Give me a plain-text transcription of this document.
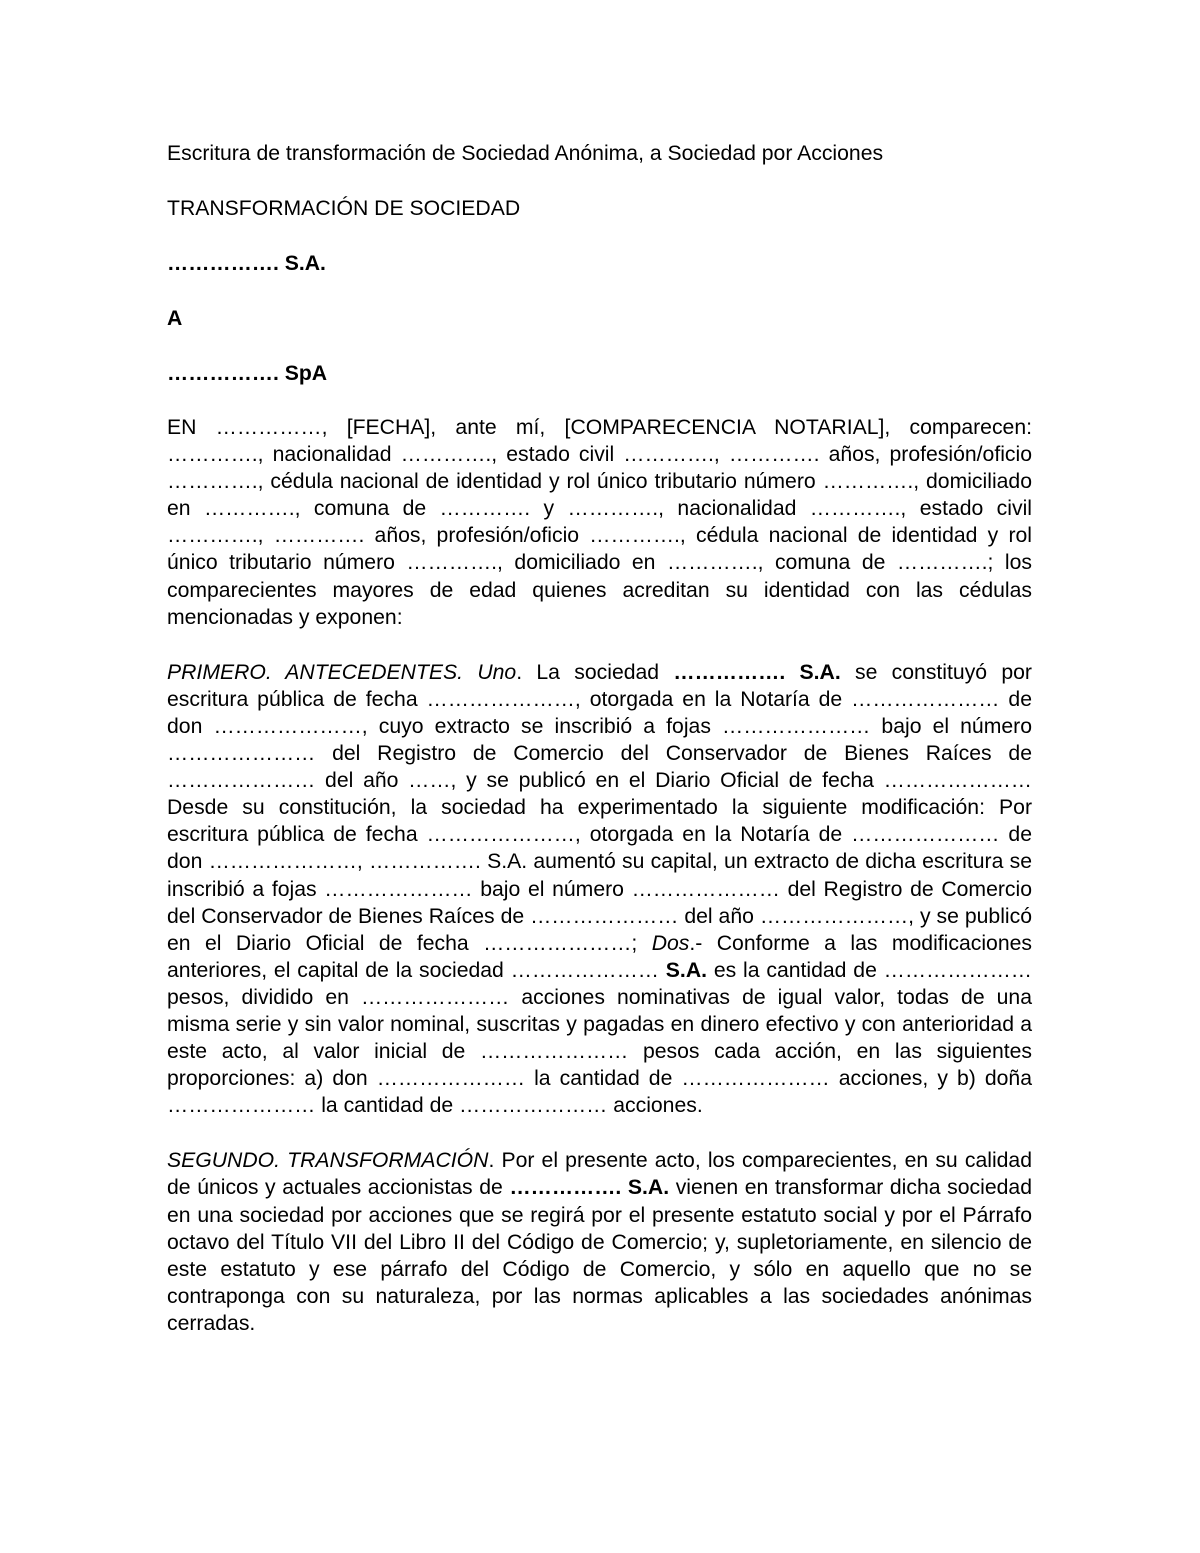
Escritura de transformación de Sociedad Anónima, a Sociedad por Acciones

TRANSFORMACIÓN DE SOCIEDAD

……………. S.A.

A

……………. SpA

EN ……………, [FECHA], ante mí, [COMPARECENCIA NOTARIAL], comparecen: …………., nacionalidad …………., estado civil …………., …………. años, profesión/oficio …………., cédula nacional de identidad y rol único tributario número …………., domiciliado en …………., comuna de …………. y …………., nacionalidad …………., estado civil …………., …………. años, profesión/oficio …………., cédula nacional de identidad y rol único tributario número …………., domiciliado en …………., comuna de ………….; los comparecientes mayores de edad quienes acreditan su identidad con las cédulas mencionadas y exponen:

PRIMERO. ANTECEDENTES. Uno. La sociedad ……………. S.A. se constituyó por escritura pública de fecha …………………, otorgada en la Notaría de ………………… de don …………………, cuyo extracto se inscribió a fojas ………………… bajo el número ………………… del Registro de Comercio del Conservador de Bienes Raíces de ………………… del año ……, y se publicó en el Diario Oficial de fecha ………………… Desde su constitución, la sociedad ha experimentado la siguiente modificación: Por escritura pública de fecha …………………, otorgada en la Notaría de ………………… de don …………………, ……………. S.A. aumentó su capital, un extracto de dicha escritura se inscribió a fojas ………………… bajo el número ………………… del Registro de Comercio del Conservador de Bienes Raíces de ………………… del año …………………, y se publicó en el Diario Oficial de fecha …………………; Dos.- Conforme a las modificaciones anteriores, el capital de la sociedad ………………… S.A. es la cantidad de ………………… pesos, dividido en ………………… acciones nominativas de igual valor, todas de una misma serie y sin valor nominal, suscritas y pagadas en dinero efectivo y con anterioridad a este acto, al valor inicial de ………………… pesos cada acción, en las siguientes proporciones: a) don ………………… la cantidad de ………………… acciones, y b) doña ………………… la cantidad de ………………… acciones.

SEGUNDO. TRANSFORMACIÓN. Por el presente acto, los comparecientes, en su calidad de únicos y actuales accionistas de ……………. S.A. vienen en transformar dicha sociedad en una sociedad por acciones que se regirá por el presente estatuto social y por el Párrafo octavo del Título VII del Libro II del Código de Comercio; y, supletoriamente, en silencio de este estatuto y ese párrafo del Código de Comercio, y sólo en aquello que no se contraponga con su naturaleza, por las normas aplicables a las sociedades anónimas cerradas.
